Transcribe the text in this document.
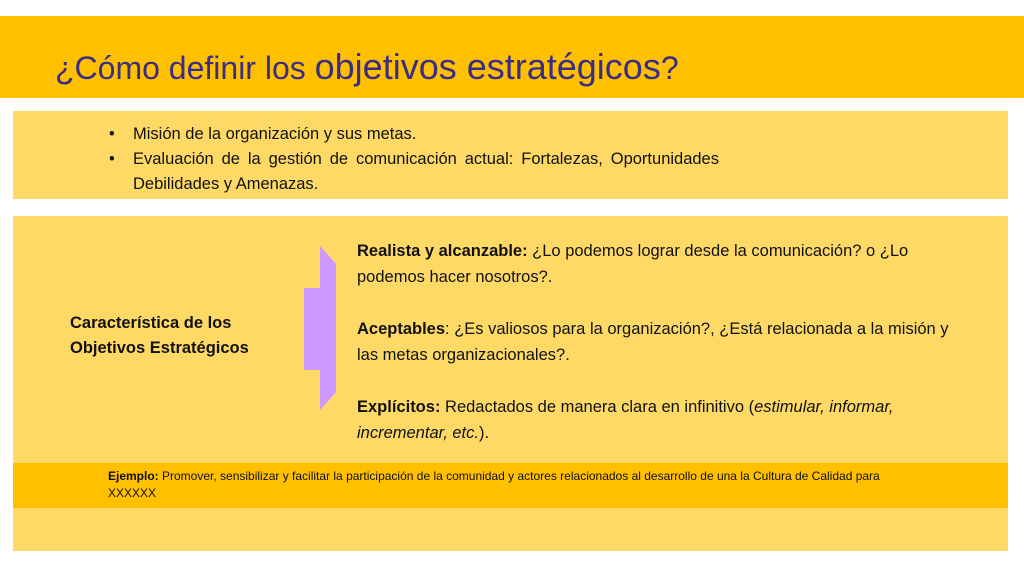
¿Cómo definir los objetivos estratégicos?
• Misión de la organización y sus metas.
• Evaluación de la gestión de comunicación actual: Fortalezas, Oportunidades Debilidades y Amenazas.
Característica de los Objetivos Estratégicos

Realista y alcanzable: ¿Lo podemos lograr desde la comunicación? o ¿Lo podemos hacer nosotros?.

Aceptables: ¿Es valiosos para la organización?, ¿Está relacionada a la misión y las metas organizacionales?.

Explícitos: Redactados de manera clara en infinitivo (estimular, informar, incrementar, etc.).

Ejemplo: Promover, sensibilizar y facilitar la participación de la comunidad y actores relacionados al desarrollo de una la Cultura de Calidad para XXXXXX
